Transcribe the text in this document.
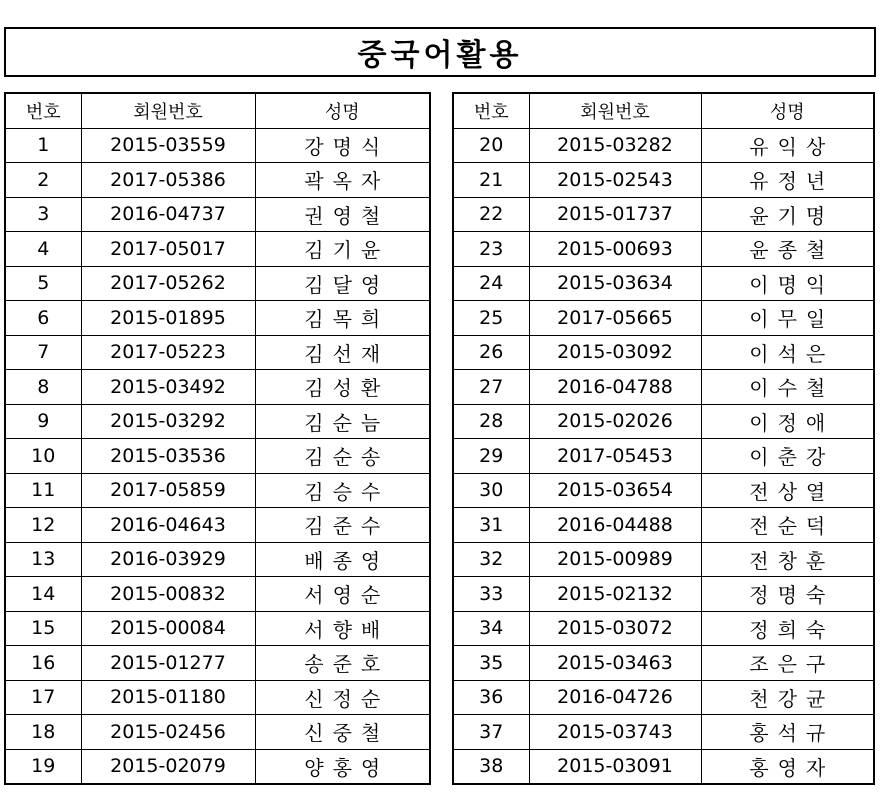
중국어활용
번호	회원번호	성명
1	2015-03559	강명식
2	2017-05386	곽옥자
3	2016-04737	권영철
4	2017-05017	김기윤
5	2017-05262	김달영
6	2015-01895	김목희
7	2017-05223	김선재
8	2015-03492	김성환
9	2015-03292	김순늠
10	2015-03536	김순송
11	2017-05859	김승수
12	2016-04643	김준수
13	2016-03929	배종영
14	2015-00832	서영순
15	2015-00084	서향배
16	2015-01277	송준호
17	2015-01180	신정순
18	2015-02456	신중철
19	2015-02079	양홍영
번호	회원번호	성명
20	2015-03282	유익상
21	2015-02543	유정년
22	2015-01737	윤기명
23	2015-00693	윤종철
24	2015-03634	이명익
25	2017-05665	이무일
26	2015-03092	이석은
27	2016-04788	이수철
28	2015-02026	이정애
29	2017-05453	이춘강
30	2015-03654	전상열
31	2016-04488	전순덕
32	2015-00989	전창훈
33	2015-02132	정명숙
34	2015-03072	정희숙
35	2015-03463	조은구
36	2016-04726	천강균
37	2015-03743	홍석규
38	2015-03091	홍영자
